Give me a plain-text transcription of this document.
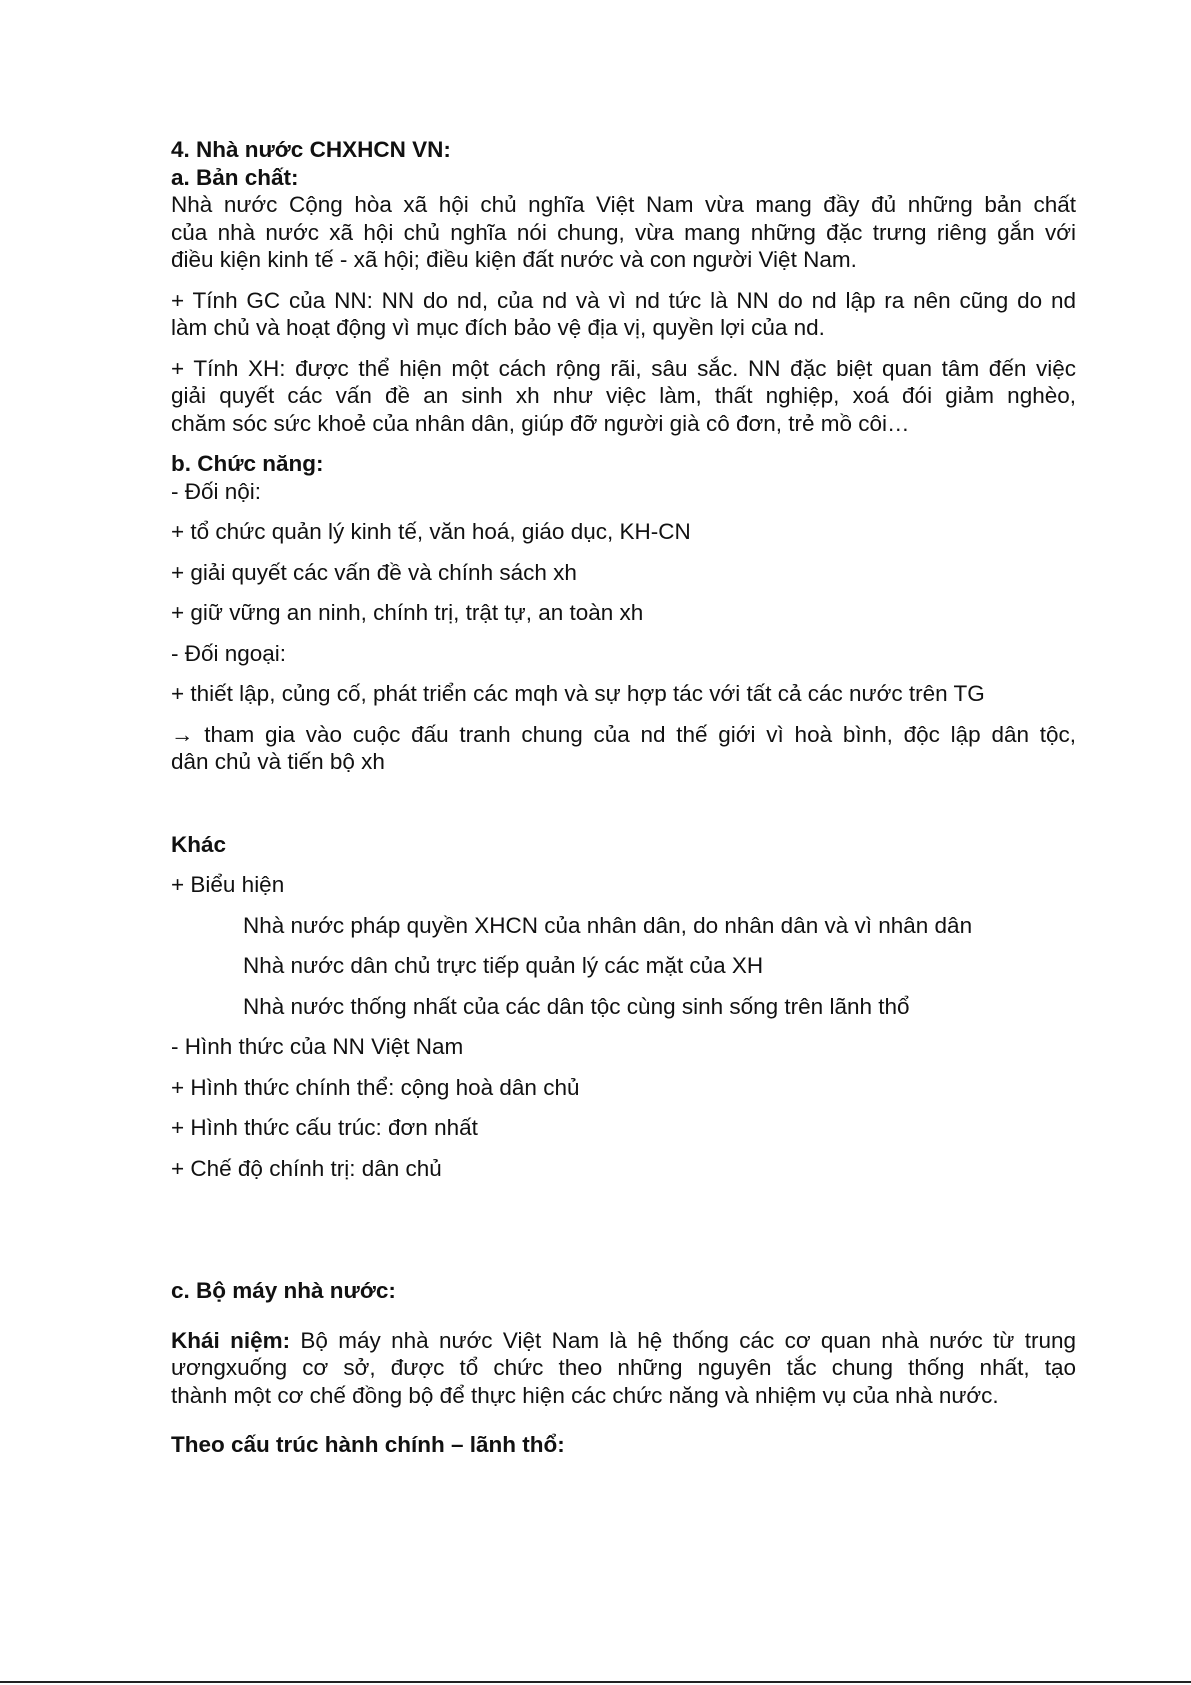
4. Nhà nước CHXHCN VN:
a. Bản chất:
Nhà nước Cộng hòa xã hội chủ nghĩa Việt Nam vừa mang đầy đủ những bản chất
của nhà nước xã hội chủ nghĩa nói chung, vừa mang những đặc trưng riêng gắn với
điều kiện kinh tế - xã hội; điều kiện đất nước và con người Việt Nam.
+ Tính GC của NN: NN do nd, của nd và vì nd tức là NN do nd lập ra nên cũng do nd
làm chủ và hoạt động vì mục đích bảo vệ địa vị, quyền lợi của nd.
+ Tính XH: được thể hiện một cách rộng rãi, sâu sắc. NN đặc biệt quan tâm đến việc
giải quyết các vấn đề an sinh xh như việc làm, thất nghiệp, xoá đói giảm nghèo,
chăm sóc sức khoẻ của nhân dân, giúp đỡ người già cô đơn, trẻ mồ côi…
b. Chức năng:
- Đối nội:
+ tổ chức quản lý kinh tế, văn hoá, giáo dục, KH-CN
+ giải quyết các vấn đề và chính sách xh
+ giữ vững an ninh, chính trị, trật tự, an toàn xh
- Đối ngoại:
+ thiết lập, củng cố, phát triển các mqh và sự hợp tác với tất cả các nước trên TG
→ tham gia vào cuộc đấu tranh chung của nd thế giới vì hoà bình, độc lập dân tộc,
dân chủ và tiến bộ xh
Khác
+ Biểu hiện
Nhà nước pháp quyền XHCN của nhân dân, do nhân dân và vì nhân dân
Nhà nước dân chủ trực tiếp quản lý các mặt của XH
Nhà nước thống nhất của các dân tộc cùng sinh sống trên lãnh thổ
- Hình thức của NN Việt Nam
+ Hình thức chính thể: cộng hoà dân chủ
+ Hình thức cấu trúc: đơn nhất
+ Chế độ chính trị: dân chủ
c. Bộ máy nhà nước:
Khái niệm: Bộ máy nhà nước Việt Nam là hệ thống các cơ quan nhà nước từ trung
ươngxuống cơ sở, được tổ chức theo những nguyên tắc chung thống nhất, tạo
thành một cơ chế đồng bộ để thực hiện các chức năng và nhiệm vụ của nhà nước.
Theo cấu trúc hành chính – lãnh thổ:
